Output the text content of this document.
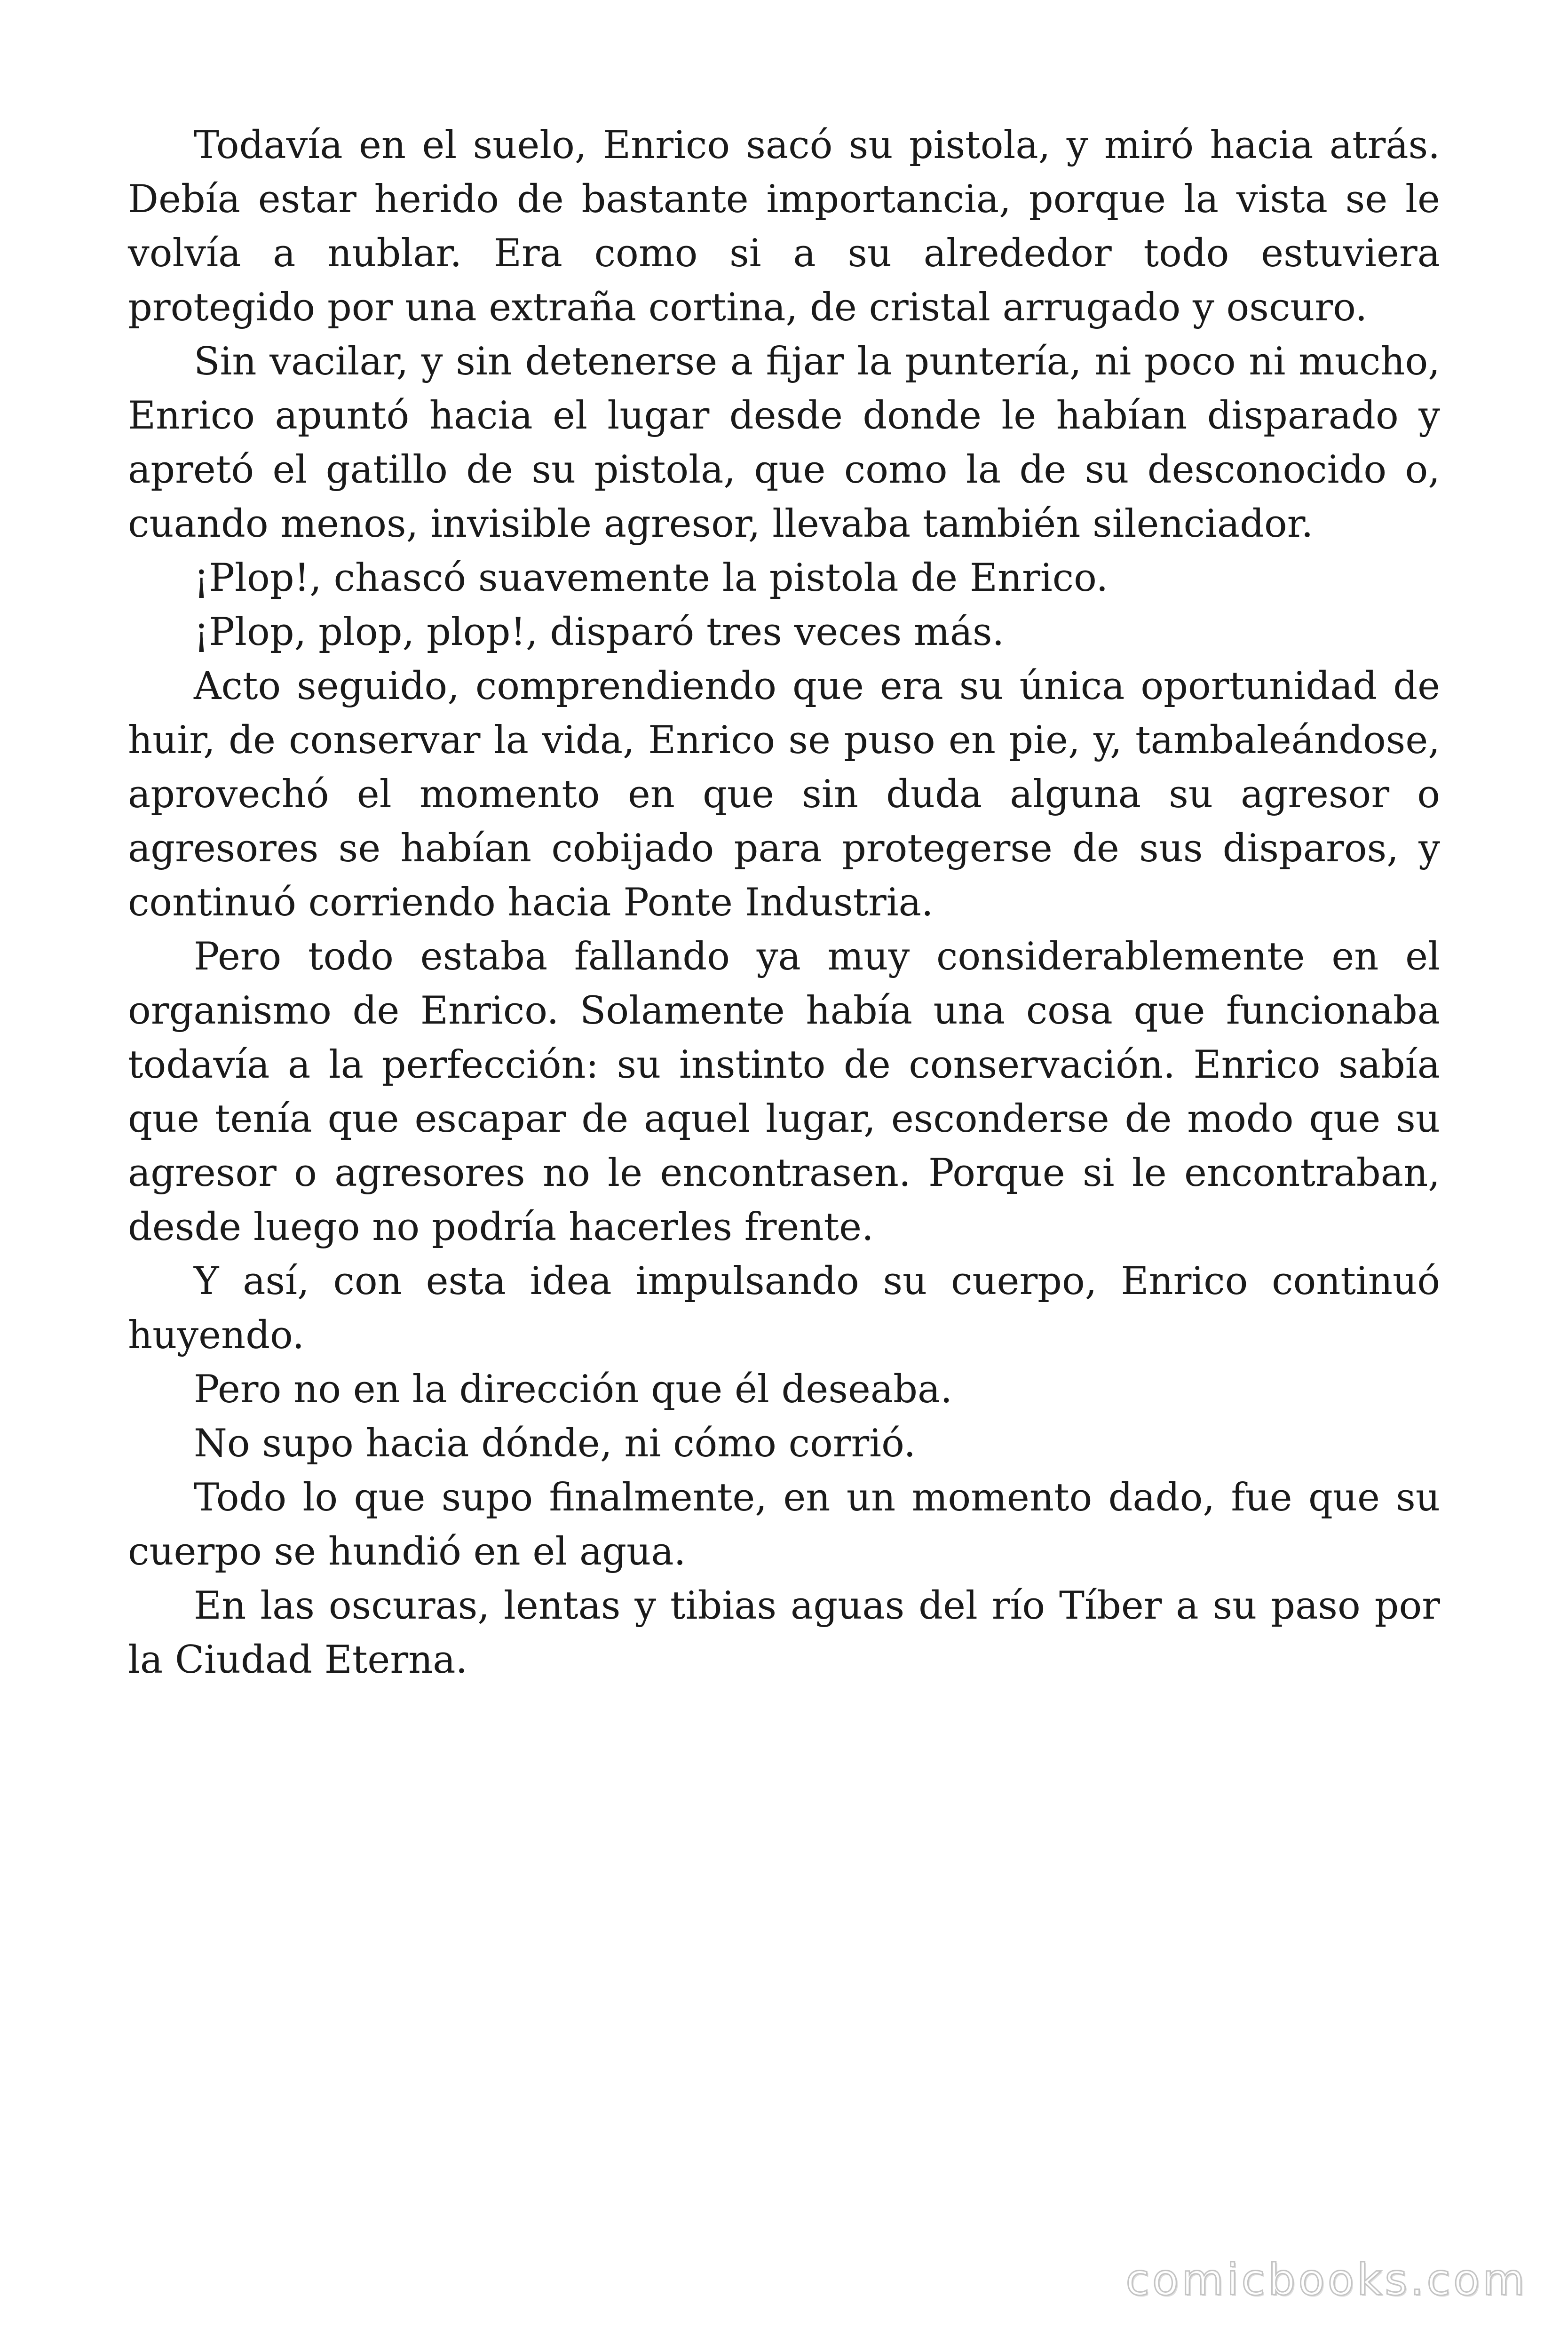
Todavía en el suelo, Enrico sacó su pistola, y miró hacia atrás. Debía estar herido de bastante importancia, porque la vista se le volvía a nublar. Era como si a su alrededor todo estuviera protegido por una extraña cortina, de cristal arrugado y oscuro.

Sin vacilar, y sin detenerse a fijar la puntería, ni poco ni mucho, Enrico apuntó hacia el lugar desde donde le habían disparado y apretó el gatillo de su pistola, que como la de su desconocido o, cuando menos, invisible agresor, llevaba también silenciador.

¡Plop!, chascó suavemente la pistola de Enrico.

¡Plop, plop, plop!, disparó tres veces más.

Acto seguido, comprendiendo que era su única oportunidad de huir, de conservar la vida, Enrico se puso en pie, y, tambaleándose, aprovechó el momento en que sin duda alguna su agresor o agresores se habían cobijado para protegerse de sus disparos, y continuó corriendo hacia Ponte Industria.

Pero todo estaba fallando ya muy considerablemente en el organismo de Enrico. Solamente había una cosa que funcionaba todavía a la perfección: su instinto de conservación. Enrico sabía que tenía que escapar de aquel lugar, esconderse de modo que su agresor o agresores no le encontrasen. Porque si le encontraban, desde luego no podría hacerles frente.

Y así, con esta idea impulsando su cuerpo, Enrico continuó huyendo.

Pero no en la dirección que él deseaba.

No supo hacia dónde, ni cómo corrió.

Todo lo que supo finalmente, en un momento dado, fue que su cuerpo se hundió en el agua.

En las oscuras, lentas y tibias aguas del río Tíber a su paso por la Ciudad Eterna.

comicbooks.com
